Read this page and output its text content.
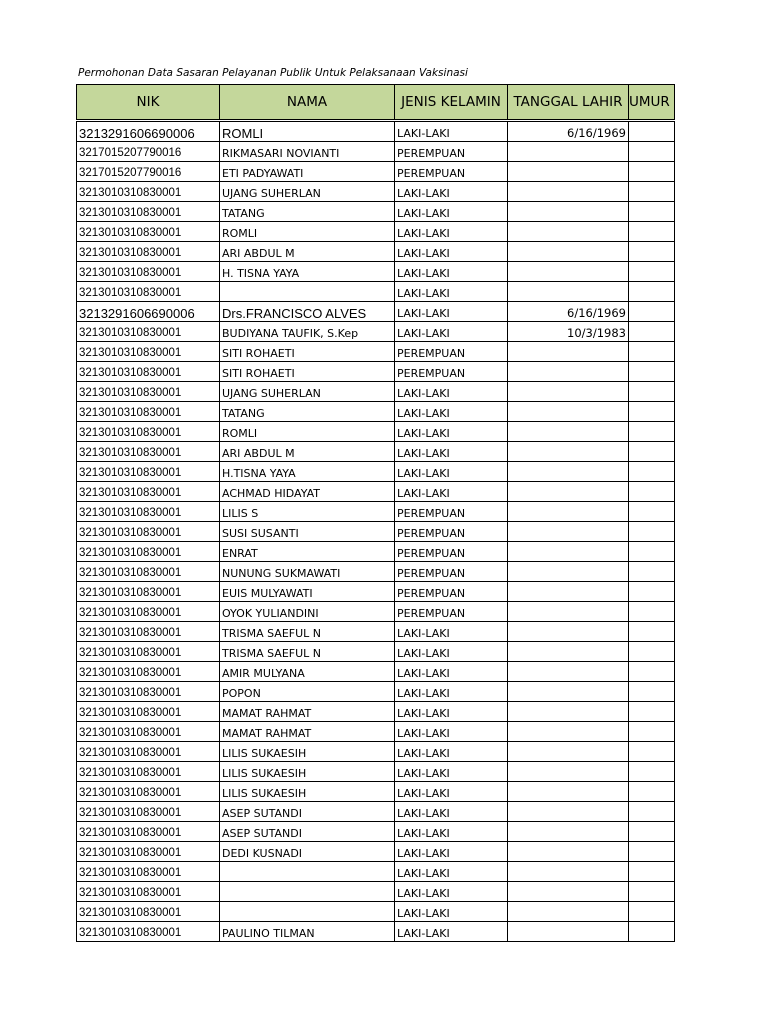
Permohonan Data Sasaran Pelayanan Publik Untuk Pelaksanaan Vaksinasi
NIK	NAMA	JENIS KELAMIN	TANGGAL LAHIR	UMUR
3213291606690006	ROMLI	LAKI-LAKI	6/16/1969	
3217015207790016	RIKMASARI NOVIANTI	PEREMPUAN		
3217015207790016	ETI PADYAWATI	PEREMPUAN		
3213010310830001	UJANG SUHERLAN	LAKI-LAKI		
3213010310830001	TATANG	LAKI-LAKI		
3213010310830001	ROMLI	LAKI-LAKI		
3213010310830001	ARI ABDUL M	LAKI-LAKI		
3213010310830001	H. TISNA YAYA	LAKI-LAKI		
3213010310830001		LAKI-LAKI		
3213291606690006	Drs.FRANCISCO ALVES	LAKI-LAKI	6/16/1969	
3213010310830001	BUDIYANA TAUFIK, S.Kep	LAKI-LAKI	10/3/1983	
3213010310830001	SITI ROHAETI	PEREMPUAN		
3213010310830001	SITI ROHAETI	PEREMPUAN		
3213010310830001	UJANG SUHERLAN	LAKI-LAKI		
3213010310830001	TATANG	LAKI-LAKI		
3213010310830001	ROMLI	LAKI-LAKI		
3213010310830001	ARI ABDUL M	LAKI-LAKI		
3213010310830001	H.TISNA YAYA	LAKI-LAKI		
3213010310830001	ACHMAD HIDAYAT	LAKI-LAKI		
3213010310830001	LILIS S	PEREMPUAN		
3213010310830001	SUSI SUSANTI	PEREMPUAN		
3213010310830001	ENRAT	PEREMPUAN		
3213010310830001	NUNUNG SUKMAWATI	PEREMPUAN		
3213010310830001	EUIS MULYAWATI	PEREMPUAN		
3213010310830001	OYOK YULIANDINI	PEREMPUAN		
3213010310830001	TRISMA SAEFUL N	LAKI-LAKI		
3213010310830001	TRISMA SAEFUL N	LAKI-LAKI		
3213010310830001	AMIR MULYANA	LAKI-LAKI		
3213010310830001	POPON	LAKI-LAKI		
3213010310830001	MAMAT RAHMAT	LAKI-LAKI		
3213010310830001	MAMAT RAHMAT	LAKI-LAKI		
3213010310830001	LILIS SUKAESIH	LAKI-LAKI		
3213010310830001	LILIS SUKAESIH	LAKI-LAKI		
3213010310830001	LILIS SUKAESIH	LAKI-LAKI		
3213010310830001	ASEP SUTANDI	LAKI-LAKI		
3213010310830001	ASEP SUTANDI	LAKI-LAKI		
3213010310830001	DEDI KUSNADI	LAKI-LAKI		
3213010310830001		LAKI-LAKI		
3213010310830001		LAKI-LAKI		
3213010310830001		LAKI-LAKI		
3213010310830001	PAULINO TILMAN	LAKI-LAKI		
